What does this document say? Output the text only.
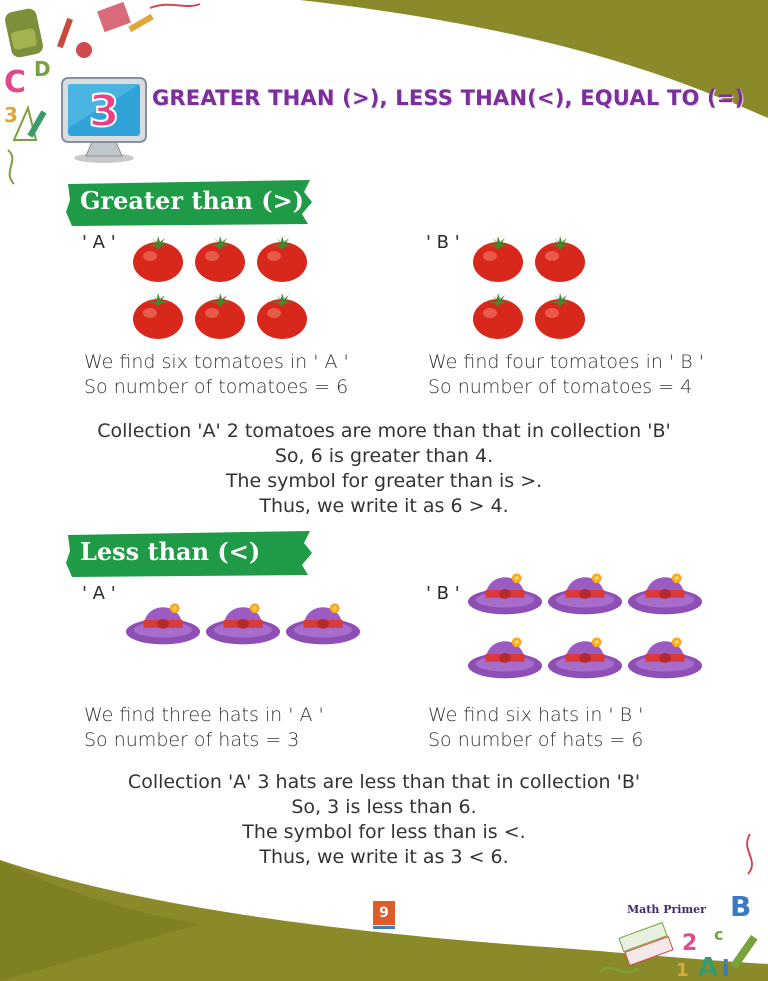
C D
3
B
c
2
A i
1
3 GREATER THAN (>), LESS THAN(<), EQUAL TO (=)
Greater than (>)
' A '	' B '
We find six tomatoes in ' A '
So number of tomatoes = 6
We find four tomatoes in ' B '
So number of tomatoes = 4
Collection 'A' 2 tomatoes are more than that in collection 'B'
So, 6 is greater than 4.
The symbol for greater than is >.
Thus, we write it as 6 > 4.
Less than (<)
' A '	' B '
We find three hats in ' A '
So number of hats = 3
We find six hats in ' B '
So number of hats = 6
Collection 'A' 3 hats are less than that in collection 'B'
So, 3 is less than 6.
The symbol for less than is <.
Thus, we write it as 3 < 6.
9	Math Primer
